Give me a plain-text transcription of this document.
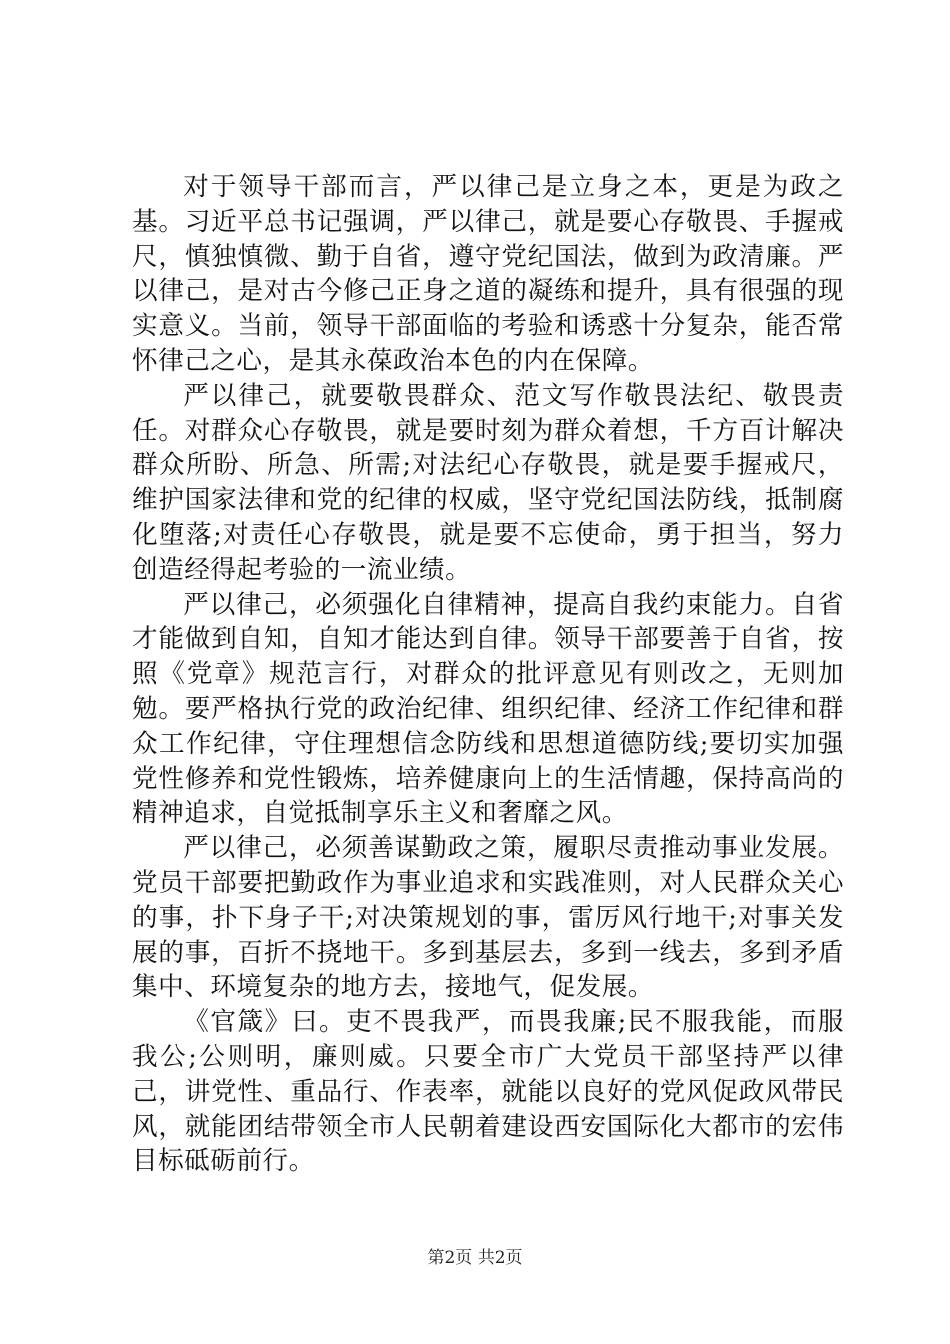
对于领导干部而言，严以律己是立身之本，更是为政之基。习近平总书记强调，严以律己，就是要心存敬畏、手握戒尺，慎独慎微、勤于自省，遵守党纪国法，做到为政清廉。严以律己，是对古今修己正身之道的凝练和提升，具有很强的现实意义。当前，领导干部面临的考验和诱惑十分复杂，能否常怀律己之心，是其永葆政治本色的内在保障。

严以律己，就要敬畏群众、范文写作敬畏法纪、敬畏责任。对群众心存敬畏，就是要时刻为群众着想，千方百计解决群众所盼、所急、所需;对法纪心存敬畏，就是要手握戒尺，维护国家法律和党的纪律的权威，坚守党纪国法防线，抵制腐化堕落;对责任心存敬畏，就是要不忘使命，勇于担当，努力创造经得起考验的一流业绩。

严以律己，必须强化自律精神，提高自我约束能力。自省才能做到自知，自知才能达到自律。领导干部要善于自省，按照《党章》规范言行，对群众的批评意见有则改之，无则加勉。要严格执行党的政治纪律、组织纪律、经济工作纪律和群众工作纪律，守住理想信念防线和思想道德防线;要切实加强党性修养和党性锻炼，培养健康向上的生活情趣，保持高尚的精神追求，自觉抵制享乐主义和奢靡之风。

严以律己，必须善谋勤政之策，履职尽责推动事业发展。党员干部要把勤政作为事业追求和实践准则，对人民群众关心的事，扑下身子干;对决策规划的事，雷厉风行地干;对事关发展的事，百折不挠地干。多到基层去，多到一线去，多到矛盾集中、环境复杂的地方去，接地气，促发展。

《官箴》曰。吏不畏我严，而畏我廉;民不服我能，而服我公;公则明，廉则威。只要全市广大党员干部坚持严以律己，讲党性、重品行、作表率，就能以良好的党风促政风带民风，就能团结带领全市人民朝着建设西安国际化大都市的宏伟目标砥砺前行。

第2页 共2页
